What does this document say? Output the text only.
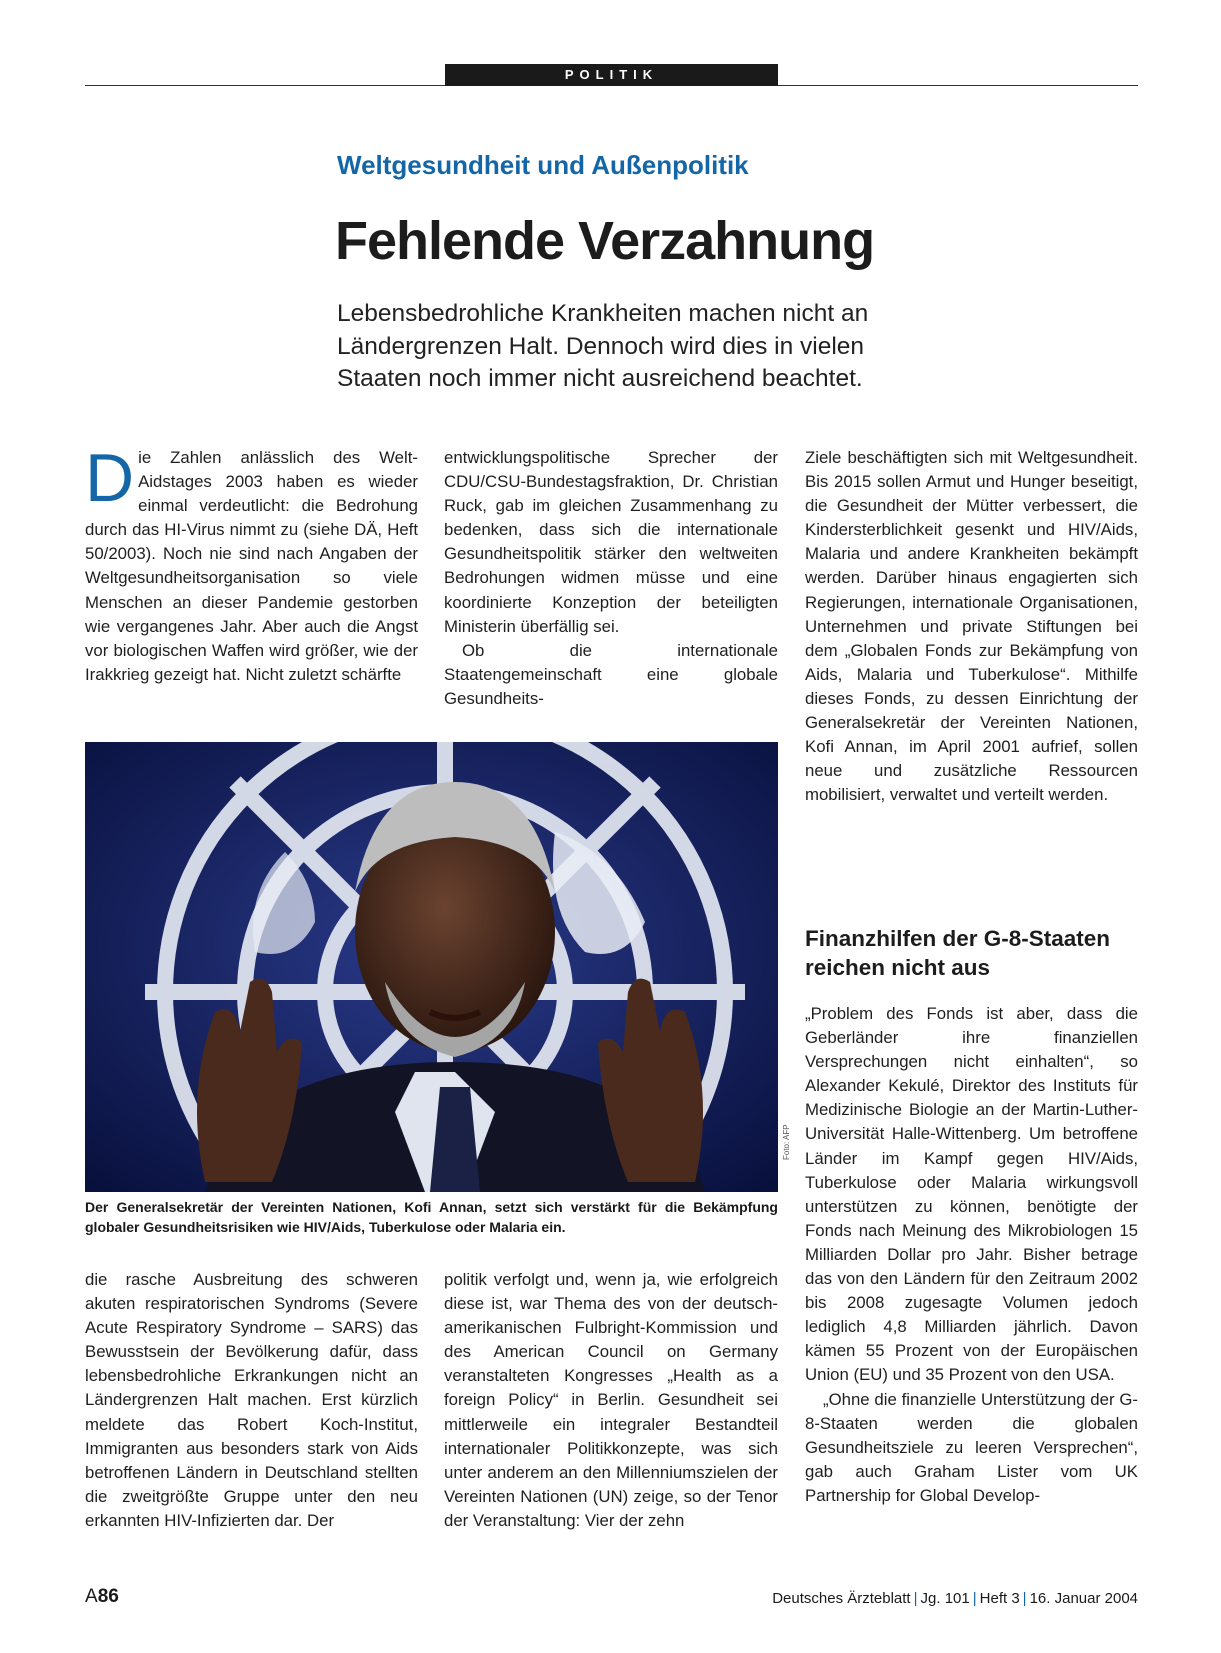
POLITIK
Weltgesundheit und Außenpolitik
Fehlende Verzahnung

Lebensbedrohliche Krankheiten machen nicht an Ländergrenzen Halt. Dennoch wird dies in vielen Staaten noch immer nicht ausreichend beachtet.

Die Zahlen anlässlich des Welt-Aidstages 2003 haben es wieder einmal verdeutlicht: die Bedrohung durch das HI-Virus nimmt zu (siehe DÄ, Heft 50/2003). Noch nie sind nach Angaben der Weltgesundheitsorganisation so viele Menschen an dieser Pandemie gestorben wie vergangenes Jahr. Aber auch die Angst vor biologischen Waffen wird größer, wie der Irakkrieg gezeigt hat. Nicht zuletzt schärfte

entwicklungspolitische Sprecher der CDU/CSU-Bundestagsfraktion, Dr. Christian Ruck, gab im gleichen Zusammenhang zu bedenken, dass sich die internationale Gesundheitspolitik stärker den weltweiten Bedrohungen widmen müsse und eine koordinierte Konzeption der beteiligten Ministerin überfällig sei.

Ob die internationale Staatengemeinschaft eine globale Gesundheits-

Ziele beschäftigten sich mit Weltgesundheit. Bis 2015 sollen Armut und Hunger beseitigt, die Gesundheit der Mütter verbessert, die Kindersterblichkeit gesenkt und HIV/Aids, Malaria und andere Krankheiten bekämpft werden. Darüber hinaus engagierten sich Regierungen, internationale Organisationen, Unternehmen und private Stiftungen bei dem „Globalen Fonds zur Bekämpfung von Aids, Malaria und Tuberkulose“. Mithilfe dieses Fonds, zu dessen Einrichtung der Generalsekretär der Vereinten Nationen, Kofi Annan, im April 2001 aufrief, sollen neue und zusätzliche Ressourcen mobilisiert, verwaltet und verteilt werden.

Finanzhilfen der G-8-Staaten reichen nicht aus

„Problem des Fonds ist aber, dass die Geberländer ihre finanziellen Versprechungen nicht einhalten“, so Alexander Kekulé, Direktor des Instituts für Medizinische Biologie an der Martin-Luther-Universität Halle-Wittenberg. Um betroffene Länder im Kampf gegen HIV/Aids, Tuberkulose oder Malaria wirkungsvoll unterstützen zu können, benötigte der Fonds nach Meinung des Mikrobiologen 15 Milliarden Dollar pro Jahr. Bisher betrage das von den Ländern für den Zeitraum 2002 bis 2008 zugesagte Volumen jedoch lediglich 4,8 Milliarden jährlich. Davon kämen 55 Prozent von der Europäischen Union (EU) und 35 Prozent von den USA.

„Ohne die finanzielle Unterstützung der G-8-Staaten werden die globalen Gesundheitsziele zu leeren Versprechen“, gab auch Graham Lister vom UK Partnership for Global Develop-

Foto: AFP

Der Generalsekretär der Vereinten Nationen, Kofi Annan, setzt sich verstärkt für die Bekämpfung globaler Gesundheitsrisiken wie HIV/Aids, Tuberkulose oder Malaria ein.

die rasche Ausbreitung des schweren akuten respiratorischen Syndroms (Severe Acute Respiratory Syndrome – SARS) das Bewusstsein der Bevölkerung dafür, dass lebensbedrohliche Erkrankungen nicht an Ländergrenzen Halt machen. Erst kürzlich meldete das Robert Koch-Institut, Immigranten aus besonders stark von Aids betroffenen Ländern in Deutschland stellten die zweitgrößte Gruppe unter den neu erkannten HIV-Infizierten dar. Der

politik verfolgt und, wenn ja, wie erfolgreich diese ist, war Thema des von der deutsch-amerikanischen Fulbright-Kommission und des American Council on Germany veranstalteten Kongresses „Health as a foreign Policy“ in Berlin. Gesundheit sei mittlerweile ein integraler Bestandteil internationaler Politikkonzepte, was sich unter anderem an den Millenniumszielen der Vereinten Nationen (UN) zeige, so der Tenor der Veranstaltung: Vier der zehn

A86	Deutsches Ärzteblatt | Jg. 101 | Heft 3 | 16. Januar 2004
